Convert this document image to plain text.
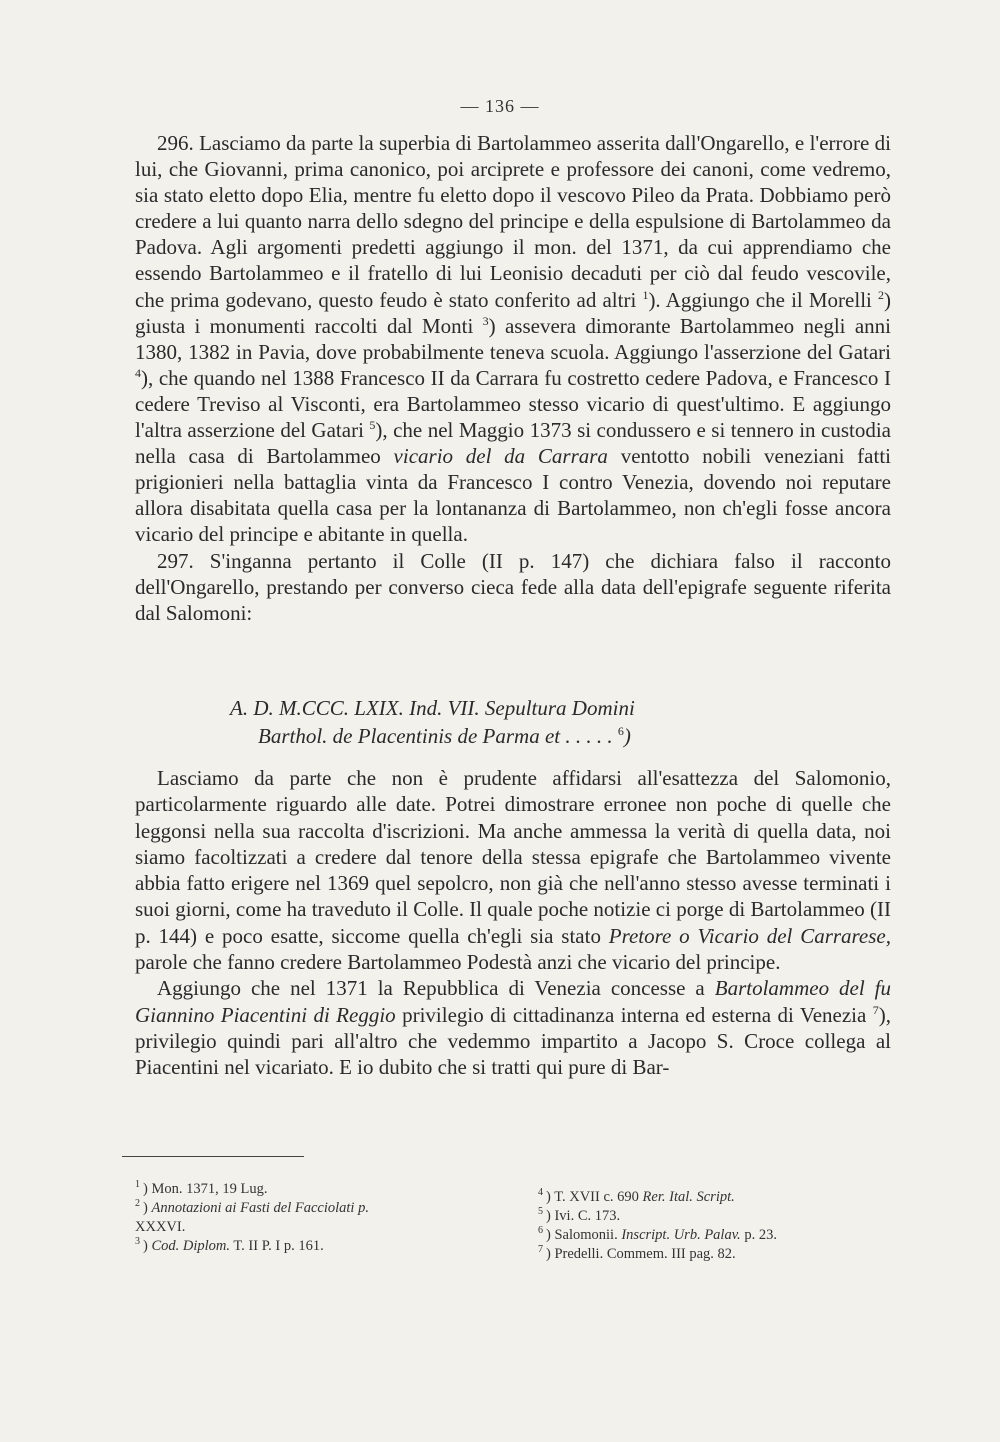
— 136 —

296. Lasciamo da parte la superbia di Bartolammeo asserita dall'Ongarello, e l'errore di lui, che Giovanni, prima canonico, poi arciprete e professore dei canoni, come vedremo, sia stato eletto dopo Elia, mentre fu eletto dopo il vescovo Pileo da Prata. Dobbiamo però credere a lui quanto narra dello sdegno del principe e della espulsione di Bartolammeo da Padova. Agli argomenti predetti aggiungo il mon. del 1371, da cui apprendiamo che essendo Bartolammeo e il fratello di lui Leonisio decaduti per ciò dal feudo vescovile, che prima godevano, questo feudo è stato conferito ad altri $^1$). Aggiungo che il Morelli $^2$) giusta i monumenti raccolti dal Monti $^3$) assevera dimorante Bartolammeo negli anni 1380, 1382 in Pavia, dove probabilmente teneva scuola. Aggiungo l'asserzione del Gatari $^4$), che quando nel 1388 Francesco II da Carrara fu costretto cedere Padova, e Francesco I cedere Treviso al Visconti, era Bartolammeo stesso vicario di quest'ultimo. E aggiungo l'altra asserzione del Gatari $^5$), che nel Maggio 1373 si condussero e si tennero in custodia nella casa di Bartolammeo vicario del da Carrara ventotto nobili veneziani fatti prigionieri nella battaglia vinta da Francesco I contro Venezia, dovendo noi reputare allora disabitata quella casa per la lontananza di Bartolammeo, non ch'egli fosse ancora vicario del principe e abitante in quella.

297. S'inganna pertanto il Colle (II p. 147) che dichiara falso il racconto dell'Ongarello, prestando per converso cieca fede alla data dell'epigrafe seguente riferita dal Salomoni:

A. D. M.CCC. LXIX. Ind. VII. Sepultura Domini
Barthol. de Placentinis de Parma et . . . . . $^6$)

Lasciamo da parte che non è prudente affidarsi all'esattezza del Salomonio, particolarmente riguardo alle date. Potrei dimostrare erronee non poche di quelle che leggonsi nella sua raccolta d'iscrizioni. Ma anche ammessa la verità di quella data, noi siamo facoltizzati a credere dal tenore della stessa epigrafe che Bartolammeo vivente abbia fatto erigere nel 1369 quel sepolcro, non già che nell'anno stesso avesse terminati i suoi giorni, come ha traveduto il Colle. Il quale poche notizie ci porge di Bartolammeo (II p. 144) e poco esatte, siccome quella ch'egli sia stato Pretore o Vicario del Carrarese, parole che fanno credere Bartolammeo Podestà anzi che vicario del principe.

Aggiungo che nel 1371 la Repubblica di Venezia concesse a Bartolammeo del fu Giannino Piacentini di Reggio privilegio di cittadinanza interna ed esterna di Venezia $^7$), privilegio quindi pari all'altro che vedemmo impartito a Jacopo S. Croce collega al Piacentini nel vicariato. E io dubito che si tratti qui pure di Bar-

$^1$ ) Mon. 1371, 19 Lug.
$^2$ ) Annotazioni ai Fasti del Facciolati p.
XXXVI.
$^3$ ) Cod. Diplom. T. II P. I p. 161.
$^4$ ) T. XVII c. 690 Rer. Ital. Script.
$^5$ ) Ivi. C. 173.
$^6$ ) Salomonii. Inscript. Urb. Palav. p. 23.
$^7$ ) Predelli. Commem. III pag. 82.
